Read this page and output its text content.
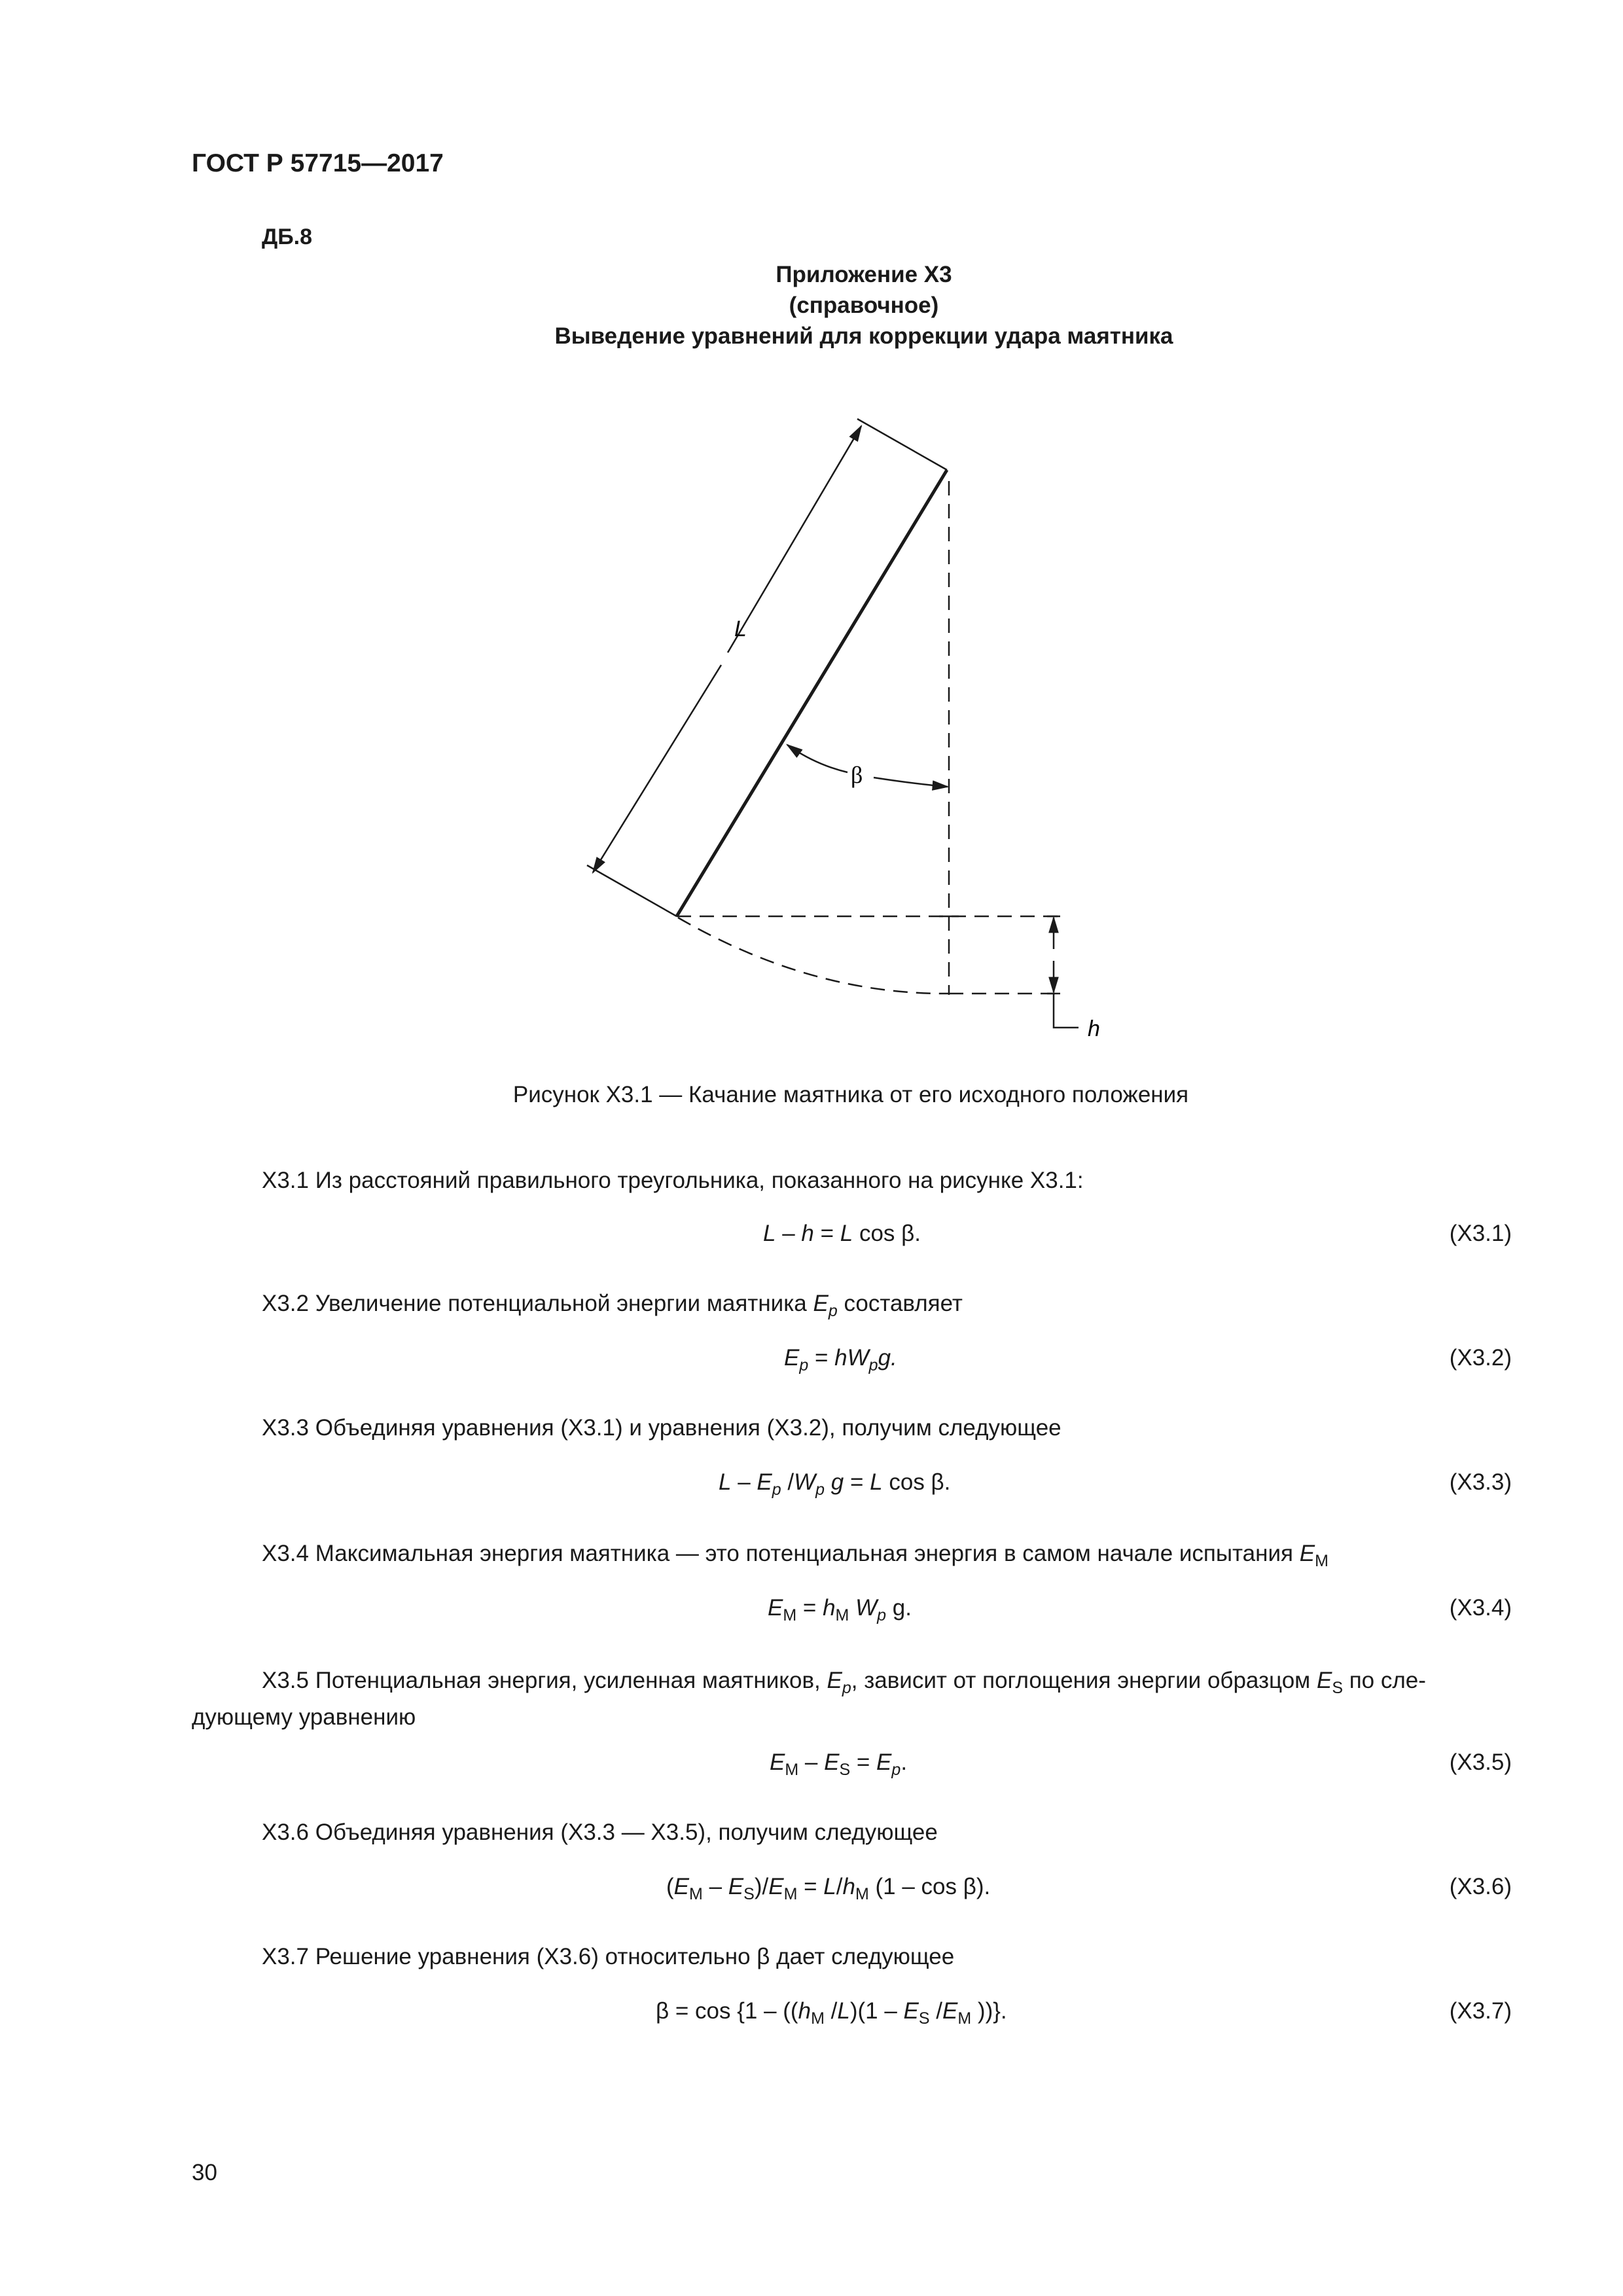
ГОСТ Р 57715—2017
ДБ.8
Приложение X3
(справочное)
Выведение уравнений для коррекции удара маятника
L
β
h
Рисунок X3.1 — Качание маятника от его исходного положения
X3.1 Из расстояний правильного треугольника, показанного на рисунке X3.1:
L – h = L cos β.	(X3.1)
X3.2 Увеличение потенциальной энергии маятника $E_p$ составляет
$E_p = hW_pg$.	(X3.2)
X3.3 Объединяя уравнения (X3.1) и уравнения (X3.2), получим следующее
L – $E_p$ $/W_p$ g = L cos β.	(X3.3)
X3.4 Максимальная энергия маятника — это потенциальная энергия в самом начале испытания $E_M$
$E_M = h_M$ $W_p$ g.	(X3.4)
X3.5 Потенциальная энергия, усиленная маятников, $E_p$, зависит от поглощения энергии образцом $E_S$ по сле-
дующему уравнению
$E_M - E_S = E_p$.	(X3.5)
X3.6 Объединяя уравнения (X3.3 — X3.5), получим следующее
$(E_M - E_S)/E_M = L/h_M$ (1 – cos β).	(X3.6)
X3.7 Решение уравнения (X3.6) относительно β дает следующее
$\beta = \cos \{1 - ((h_M$ $/L)(1 - E_S$ $/E_M$ ))}.	(X3.7)
30
